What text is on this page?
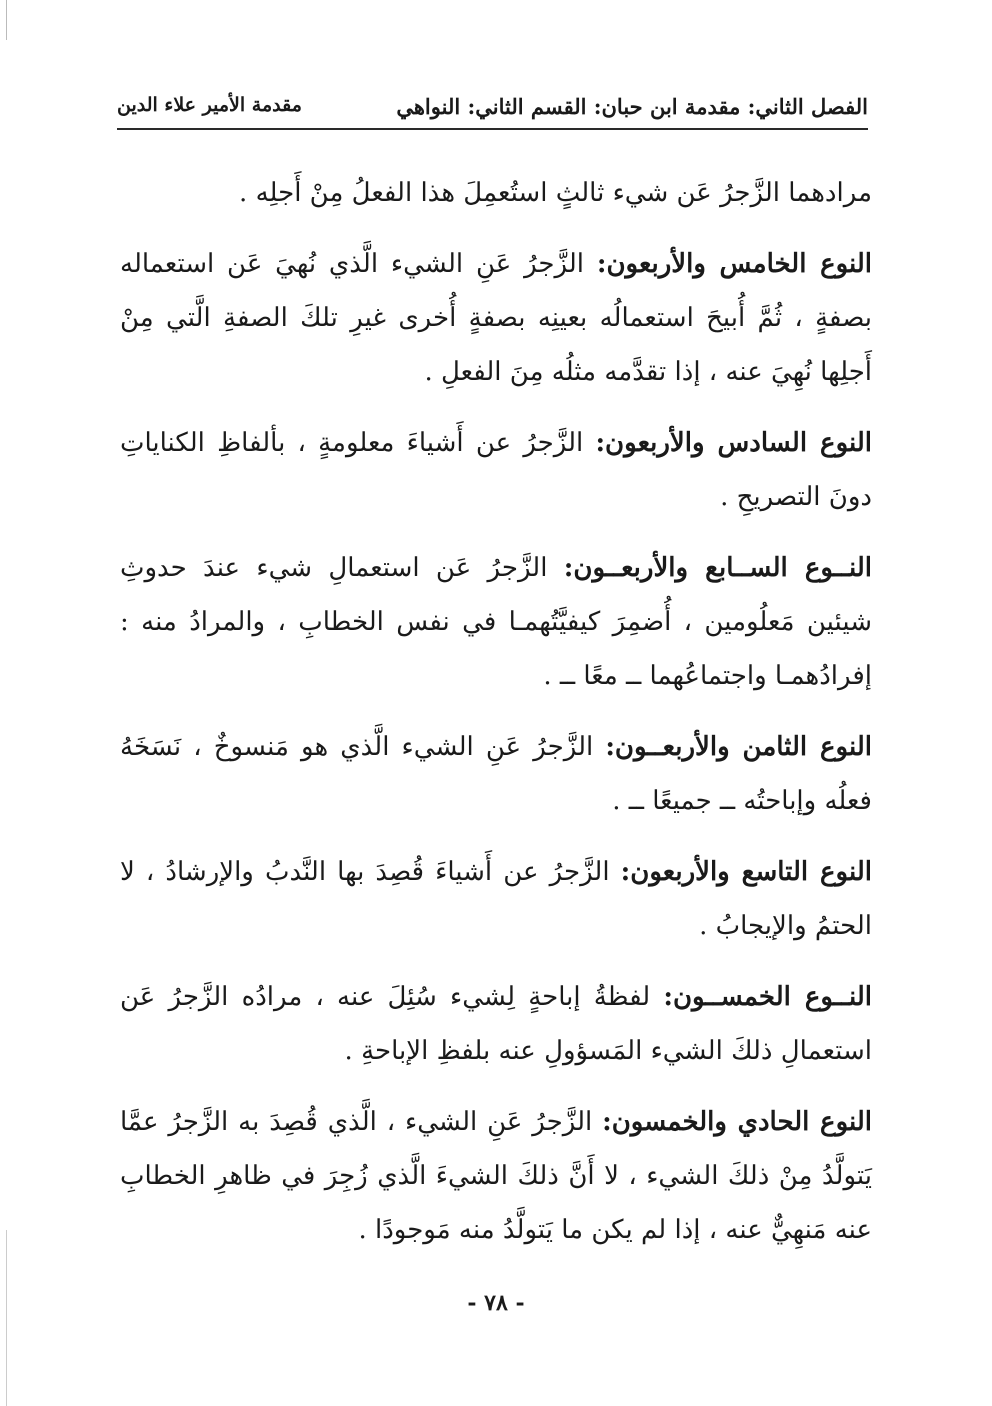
الفصل الثاني: مقدمة ابن حبان: القسم الثاني: النواهي
مقدمة الأمير علاء الدين

مرادهما الزَّجرُ عَن شيء ثالثٍ استُعمِلَ هذا الفعلُ مِنْ أَجلِه .

النوع الخامس والأربعون: الزَّجرُ عَنِ الشيء الَّذي نُهيَ عَن استعماله بصفةٍ ، ثُمَّ أُبيحَ استعمالُه بعينِه بصفةٍ أُخرى غيرِ تلكَ الصفةِ الَّتي مِنْ أَجلِها نُهِيَ عنه ، إذا تقدَّمه مثلُه مِنَ الفعلِ .

النوع السادس والأربعون: الزَّجرُ عن أَشياءَ معلومةٍ ، بألفاظِ الكناياتِ دونَ التصريحِ .

النــوع الســابع والأربعــون: الزَّجرُ عَن استعمالِ شيء عندَ حدوثِ شيئين مَعلُومين ، أُضمِرَ كيفيَّتُهمـا في نفس الخطابِ ، والمرادُ منه : إفرادُهمـا واجتماعُهما ــ معًا ــ .

النوع الثامن والأربعــون: الزَّجرُ عَنِ الشيء الَّذي هو مَنسوخٌ ، نَسَخَهُ فعلُه وإباحتُه ــ جميعًا ــ .

النوع التاسع والأربعون: الزَّجرُ عن أَشياءَ قُصِدَ بها النَّدبُ والإرشادُ ، لا الحتمُ والإيجابُ .

النــوع الخمســون: لفظةُ إباحةٍ لِشيء سُئِلَ عنه ، مرادُه الزَّجرُ عَن استعمالِ ذلكَ الشيء المَسؤولِ عنه بلفظِ الإباحةِ .

النوع الحادي والخمسون: الزَّجرُ عَنِ الشيء ، الَّذي قُصِدَ به الزَّجرُ عمَّا يَتولَّدُ مِنْ ذلكَ الشيء ، لا أَنَّ ذلكَ الشيءَ الَّذي زُجِرَ في ظاهرِ الخطابِ عنه مَنهِيٌّ عنه ، إذا لم يكن ما يَتولَّدُ منه مَوجودًا .

- ٧٨ -
